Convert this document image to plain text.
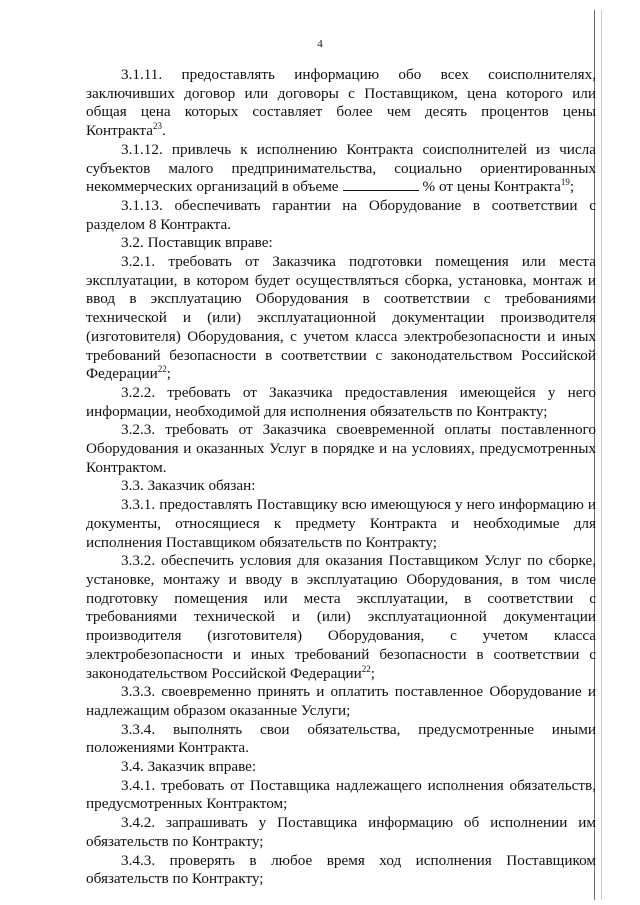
4

3.1.11. предоставлять информацию обо всех соисполнителях, заключивших договор или договоры с Поставщиком, цена которого или общая цена которых составляет более чем десять процентов цены Контракта$^{23}$.

3.1.12. привлечь к исполнению Контракта соисполнителей из числа субъектов малого предпринимательства, социально ориентированных некоммерческих организаций в объеме	% от цены Контракта$^{19}$;

3.1.13. обеспечивать гарантии на Оборудование в соответствии с разделом 8 Контракта.

3.2. Поставщик вправе:

3.2.1. требовать от Заказчика подготовки помещения или места эксплуатации, в котором будет осуществляться сборка, установка, монтаж и ввод в эксплуатацию Оборудования в соответствии с требованиями технической и (или) эксплуатационной документации производителя (изготовителя) Оборудования, с учетом класса электробезопасности и иных требований безопасности в соответствии с законодательством Российской Федерации$^{22}$;

3.2.2. требовать от Заказчика предоставления имеющейся у него информации, необходимой для исполнения обязательств по Контракту;

3.2.3. требовать от Заказчика своевременной оплаты поставленного Оборудования и оказанных Услуг в порядке и на условиях, предусмотренных Контрактом.

3.3. Заказчик обязан:

3.3.1. предоставлять Поставщику всю имеющуюся у него информацию и документы, относящиеся к предмету Контракта и необходимые для исполнения Поставщиком обязательств по Контракту;

3.3.2. обеспечить условия для оказания Поставщиком Услуг по сборке, установке, монтажу и вводу в эксплуатацию Оборудования, в том числе подготовку помещения или места эксплуатации, в соответствии с требованиями технической и (или) эксплуатационной документации производителя (изготовителя) Оборудования, с учетом класса электробезопасности и иных требований безопасности в соответствии с законодательством Российской Федерации$^{22}$;

3.3.3. своевременно принять и оплатить поставленное Оборудование и надлежащим образом оказанные Услуги;

3.3.4. выполнять свои обязательства, предусмотренные иными положениями Контракта.

3.4. Заказчик вправе:

3.4.1. требовать от Поставщика надлежащего исполнения обязательств, предусмотренных Контрактом;

3.4.2. запрашивать у Поставщика информацию об исполнении им обязательств по Контракту;

3.4.3. проверять в любое время ход исполнения Поставщиком обязательств по Контракту;
